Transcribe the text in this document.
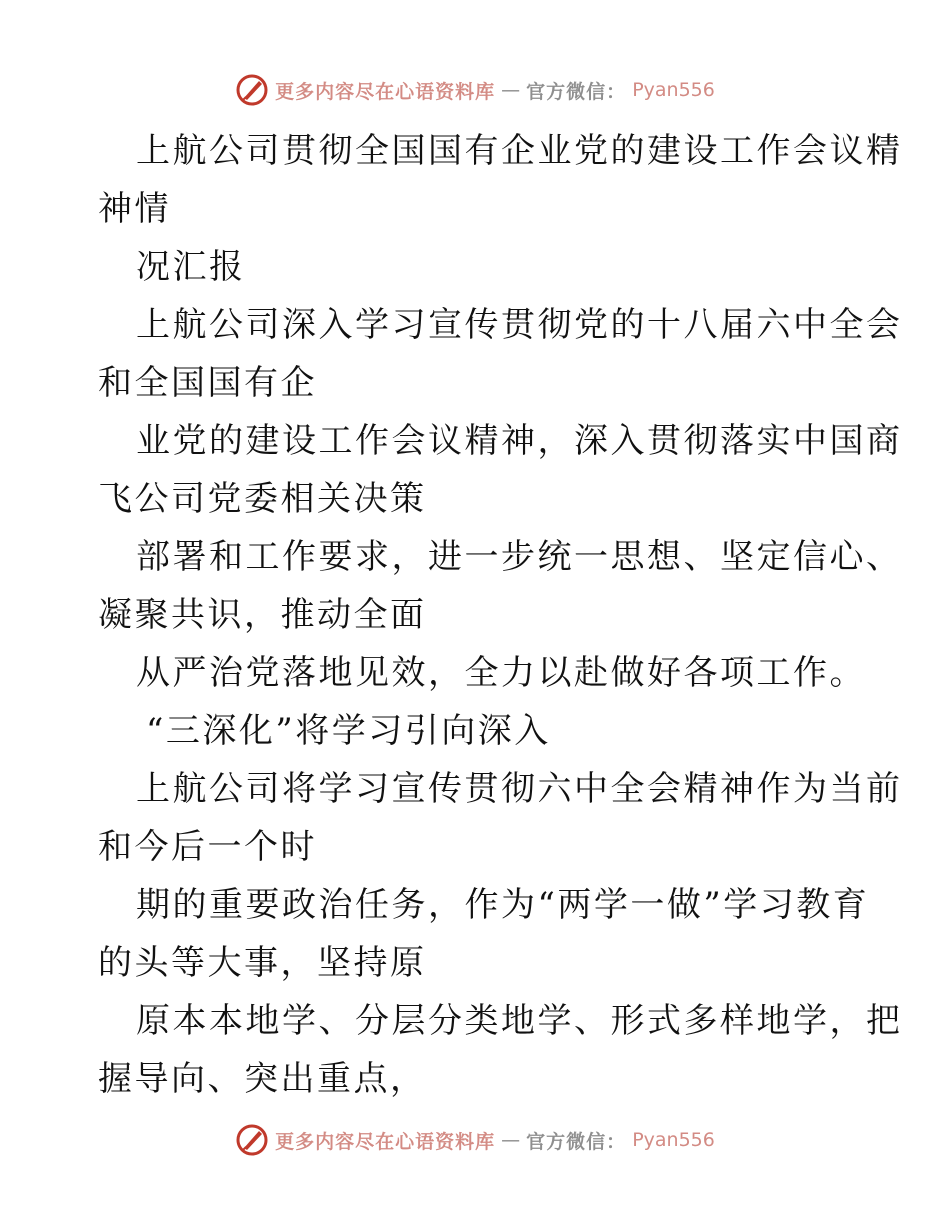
更多内容尽在心语资料库 — 官方微信： Pyan556
上航公司贯彻全国国有企业党的建设工作会议精
神情
况汇报
上航公司深入学习宣传贯彻党的十八届六中全会
和全国国有企
业党的建设工作会议精神，深入贯彻落实中国商
飞公司党委相关决策
部署和工作要求，进一步统一思想、坚定信心、
凝聚共识，推动全面
从严治党落地见效，全力以赴做好各项工作。
“三深化”将学习引向深入
上航公司将学习宣传贯彻六中全会精神作为当前
和今后一个时
期的重要政治任务，作为“两学一做”学习教育
的头等大事，坚持原
原本本地学、分层分类地学、形式多样地学，把
握导向、突出重点，
更多内容尽在心语资料库 — 官方微信： Pyan556
